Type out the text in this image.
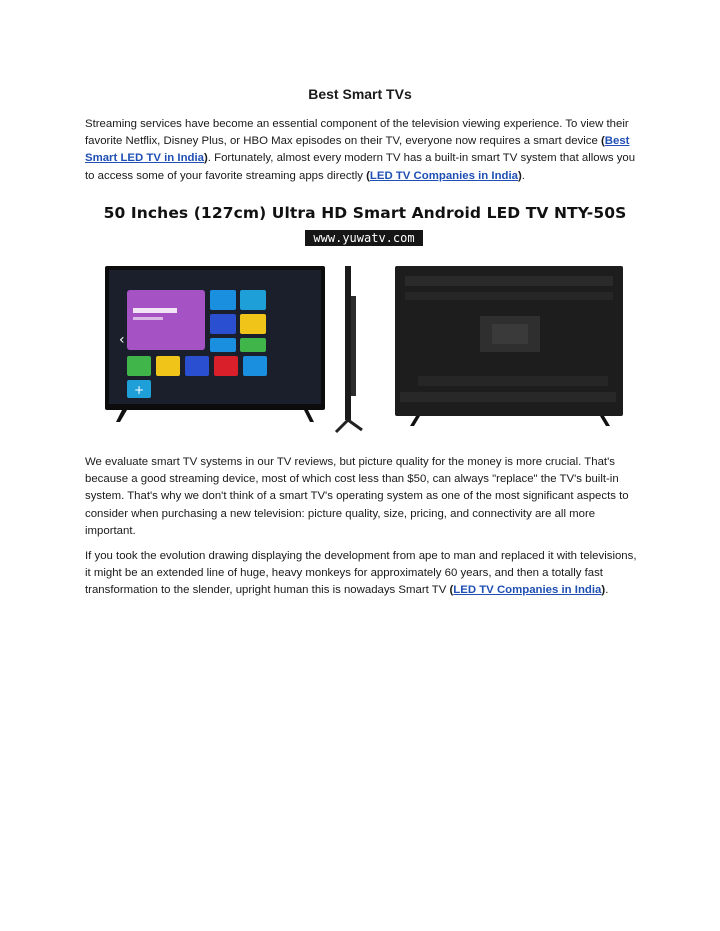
Best Smart TVs

Streaming services have become an essential component of the television viewing experience. To view their favorite Netflix, Disney Plus, or HBO Max episodes on their TV, everyone now requires a smart device (Best Smart LED TV in India). Fortunately, almost every modern TV has a built-in smart TV system that allows you to access some of your favorite streaming apps directly (LED TV Companies in India).

50 Inches (127cm) Ultra HD Smart Android LED TV NTY-50S
www.yuwatv.com
+
‹

We evaluate smart TV systems in our TV reviews, but picture quality for the money is more crucial. That's because a good streaming device, most of which cost less than $50, can always "replace" the TV's built-in system. That's why we don't think of a smart TV's operating system as one of the most significant aspects to consider when purchasing a new television: picture quality, size, pricing, and connectivity are all more important.

If you took the evolution drawing displaying the development from ape to man and replaced it with televisions, it might be an extended line of huge, heavy monkeys for approximately 60 years, and then a totally fast transformation to the slender, upright human this is nowadays Smart TV (LED TV Companies in India).
